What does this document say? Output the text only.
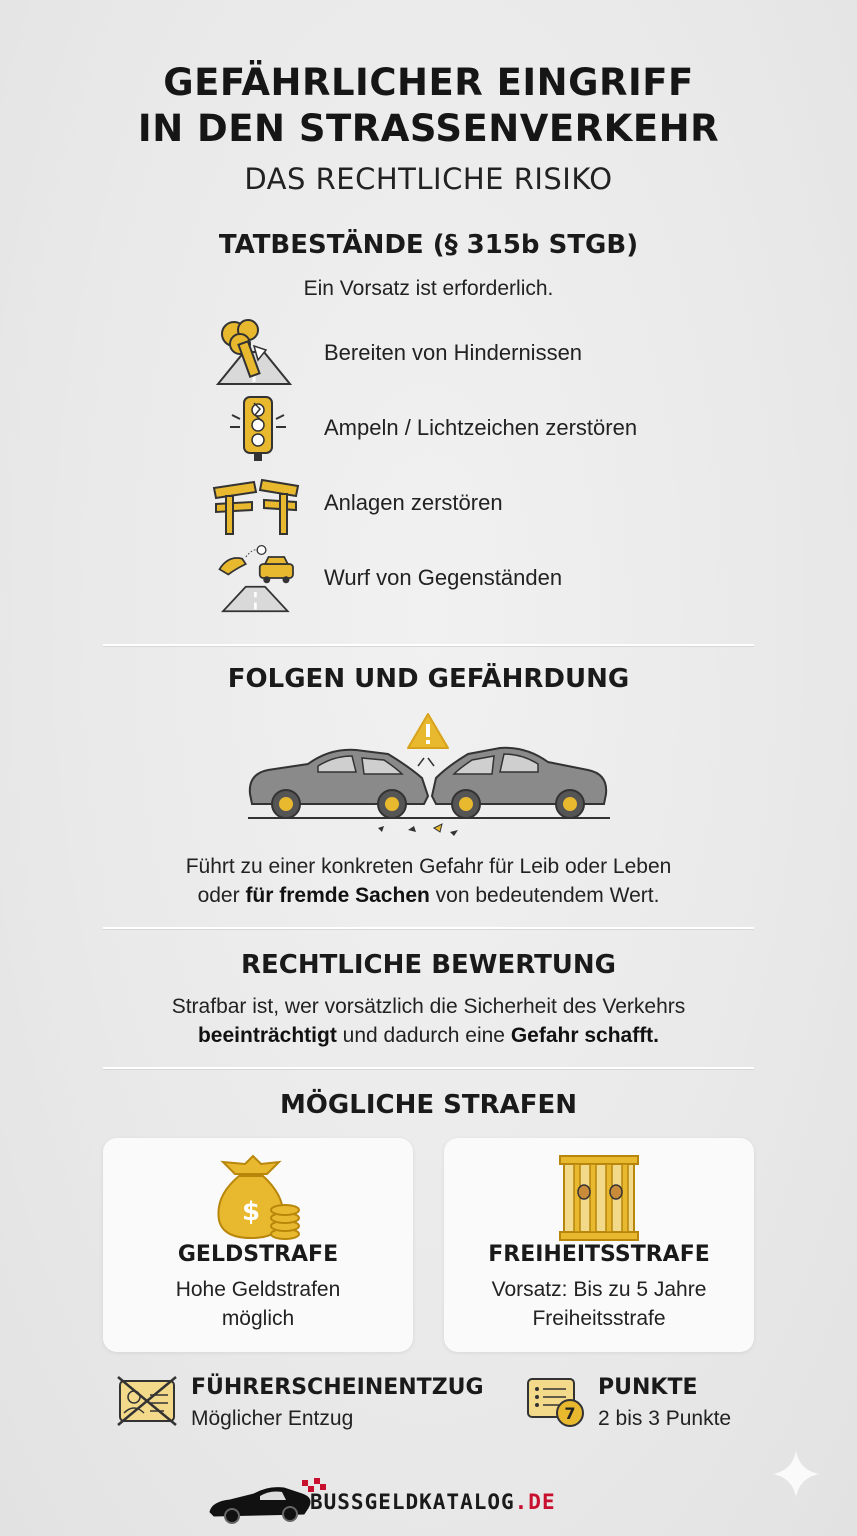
GEFÄHRLICHER EINGRIFF
IN DEN STRASSENVERKEHR
DAS RECHTLICHE RISIKO
TATBESTÄNDE (§ 315b STGB)
Ein Vorsatz ist erforderlich.
Bereiten von Hindernissen
Ampeln / Lichtzeichen zerstören
Anlagen zerstören
Wurf von Gegenständen
FOLGEN UND GEFÄHRDUNG
Führt zu einer konkreten Gefahr für Leib oder Leben
oder für fremde Sachen von bedeutendem Wert.
RECHTLICHE BEWERTUNG
Strafbar ist, wer vorsätzlich die Sicherheit des Verkehrs
beeinträchtigt und dadurch eine Gefahr schafft.
MÖGLICHE STRAFEN
$
GELDSTRAFE
Hohe Geldstrafen
möglich
FREIHEITSSTRAFE
Vorsatz: Bis zu 5 Jahre
Freiheitsstrafe
FÜHRERSCHEINENTZUG
Möglicher Entzug	7
PUNKTE
2 bis 3 Punkte
BUSSGELDKATALOG.DE
